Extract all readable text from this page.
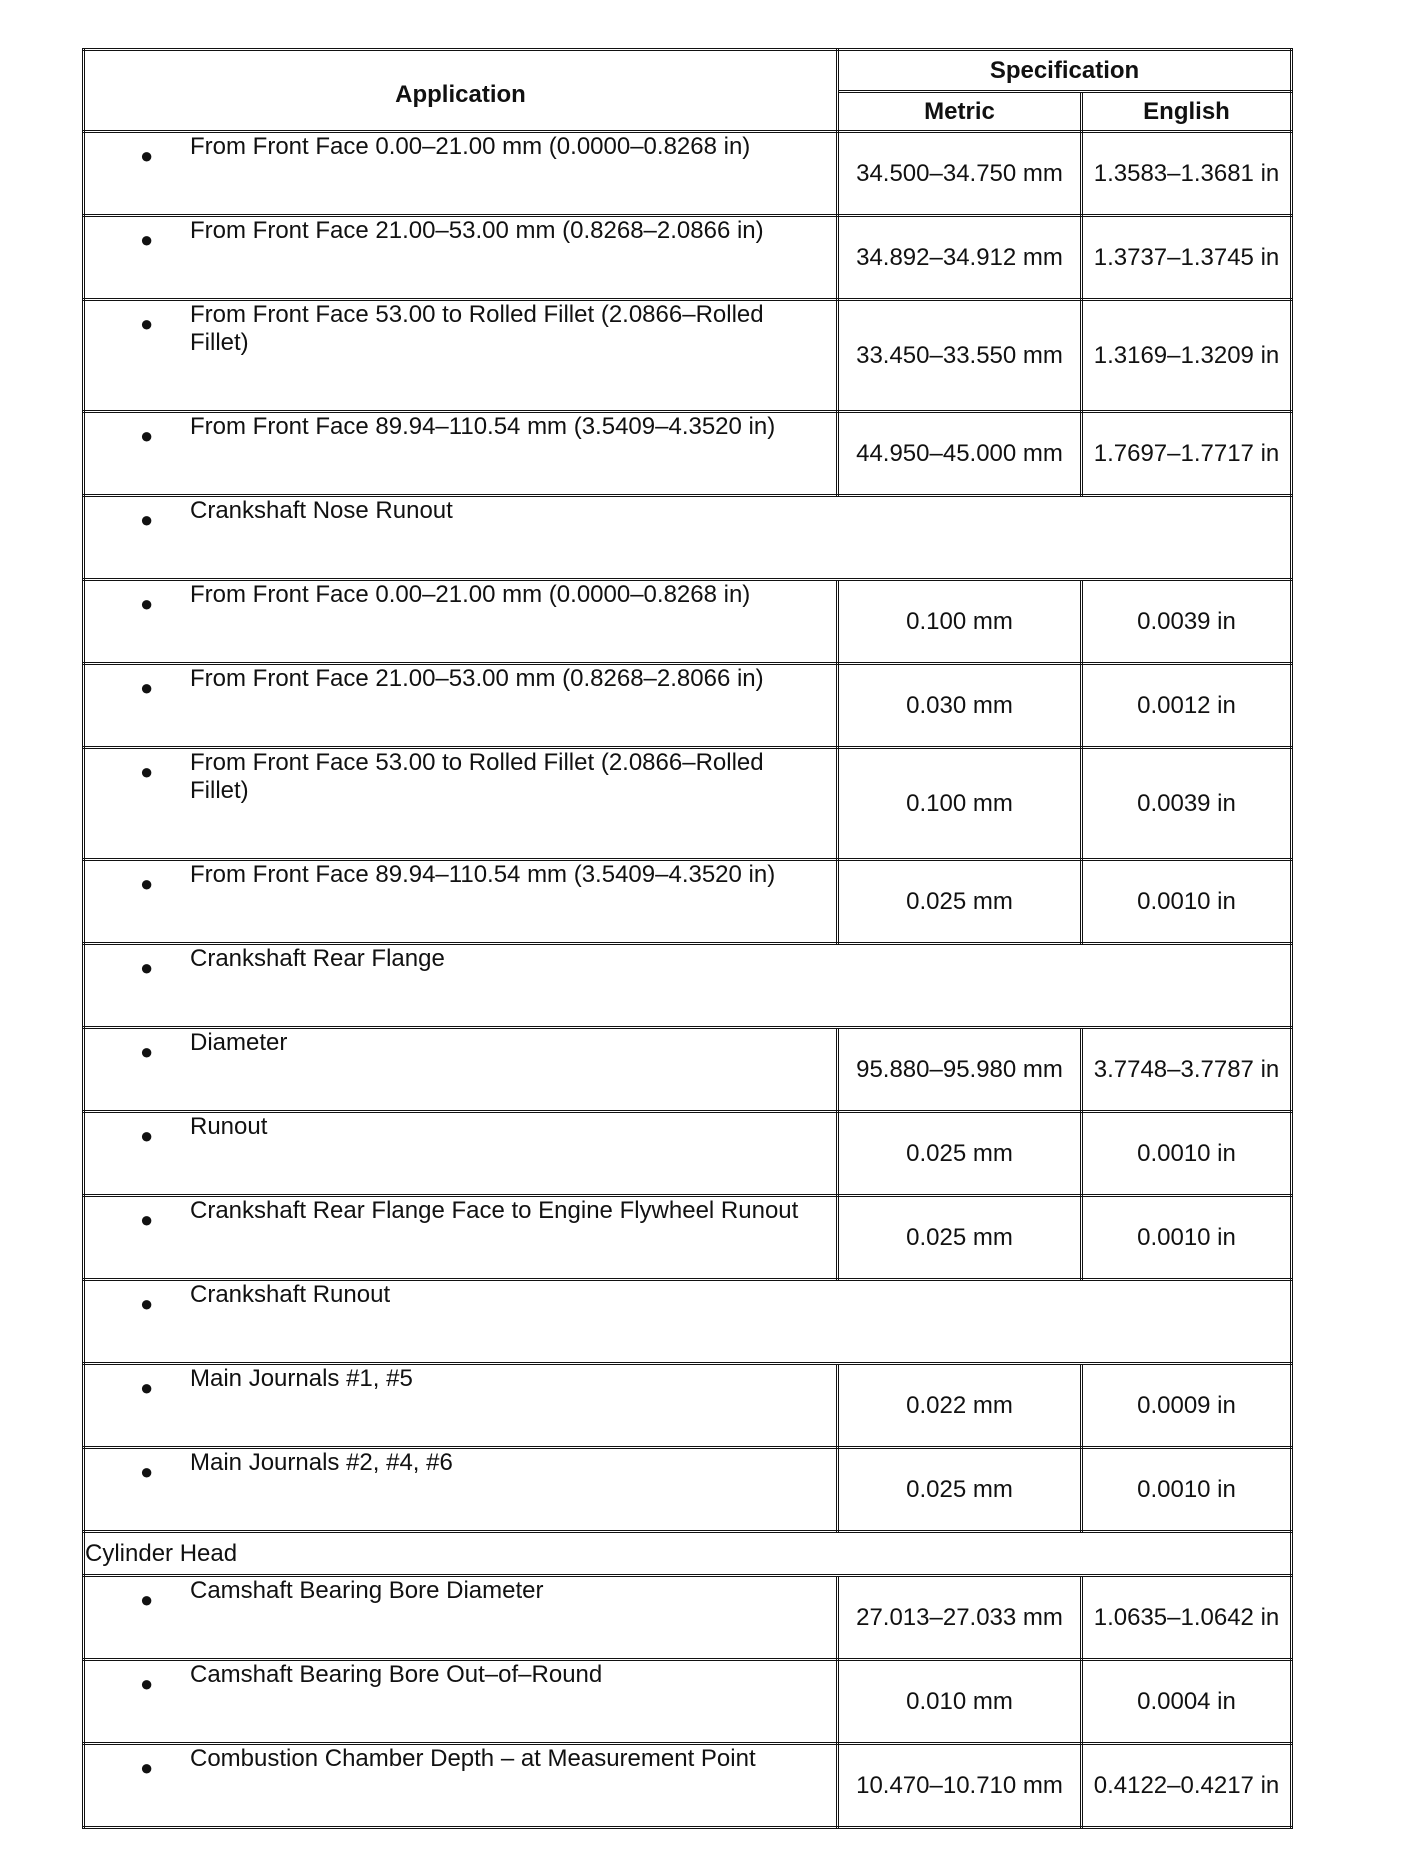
Application	Specification	
	Metric	English

● From Front Face 0.00–21.00 mm (0.0000–0.8268 in)	34.500–34.750 mm	1.3583–1.3681 in

● From Front Face 21.00–53.00 mm (0.8268–2.0866 in)	34.892–34.912 mm	1.3737–1.3745 in

● From Front Face 53.00 to Rolled Fillet (2.0866–Rolled Fillet)	33.450–33.550 mm	1.3169–1.3209 in

● From Front Face 89.94–110.54 mm (3.5409–4.3520 in)	44.950–45.000 mm	1.7697–1.7717 in

● Crankshaft Nose Runout		

● From Front Face 0.00–21.00 mm (0.0000–0.8268 in)	0.100 mm	0.0039 in

● From Front Face 21.00–53.00 mm (0.8268–2.8066 in)	0.030 mm	0.0012 in

● From Front Face 53.00 to Rolled Fillet (2.0866–Rolled Fillet)	0.100 mm	0.0039 in

● From Front Face 89.94–110.54 mm (3.5409–4.3520 in)	0.025 mm	0.0010 in

● Crankshaft Rear Flange		

● Diameter	95.880–95.980 mm	3.7748–3.7787 in

● Runout	0.025 mm	0.0010 in

● Crankshaft Rear Flange Face to Engine Flywheel Runout	0.025 mm	0.0010 in

● Crankshaft Runout		

● Main Journals #1, #5	0.022 mm	0.0009 in

● Main Journals #2, #4, #6	0.025 mm	0.0010 in
Cylinder Head		

● Camshaft Bearing Bore Diameter	27.013–27.033 mm	1.0635–1.0642 in

● Camshaft Bearing Bore Out–of–Round	0.010 mm	0.0004 in

● Combustion Chamber Depth – at Measurement Point	10.470–10.710 mm	0.4122–0.4217 in
